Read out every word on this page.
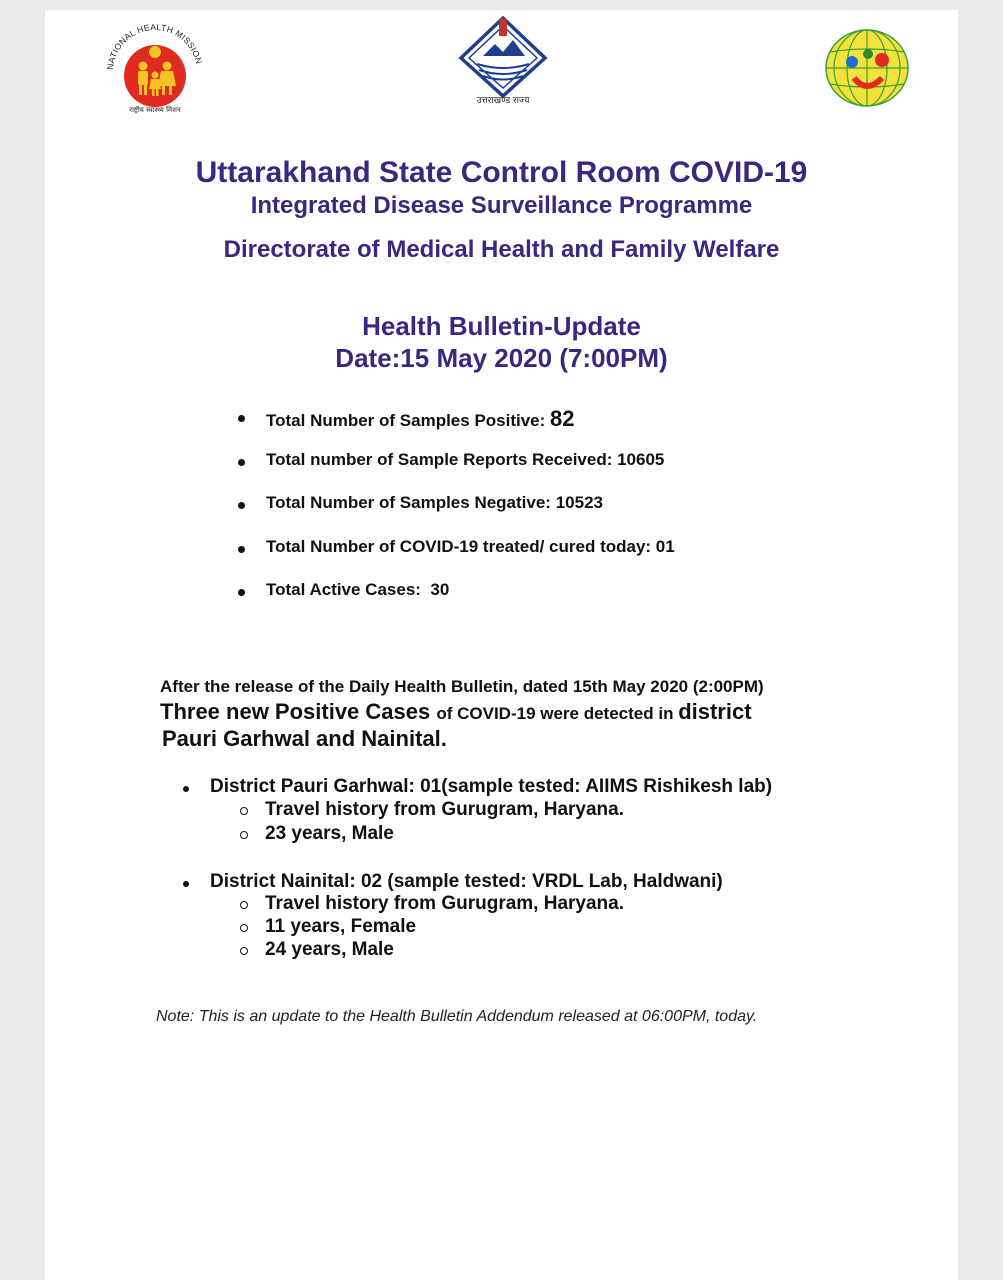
NATIONAL HEALTH MISSION
राष्ट्रीय स्वास्थ्य मिशन
उत्तराखण्ड राज्य
Uttarakhand State Control Room COVID-19
Integrated Disease Surveillance Programme
Directorate of Medical Health and Family Welfare
Health Bulletin-Update
Date:15 May 2020 (7:00PM)
Total Number of Samples Positive: 82
Total number of Sample Reports Received: 10605
Total Number of Samples Negative: 10523
Total Number of COVID-19 treated/ cured today: 01
Total Active Cases:  30
After the release of the Daily Health Bulletin, dated 15th May 2020 (2:00PM)
Three new Positive Cases of COVID-19 were detected in district
Pauri Garhwal and Nainital.

District Pauri Garhwal: 01(sample tested: AIIMS Rishikesh lab)

Travel history from Gurugram, Haryana.

23 years, Male

District Nainital: 02 (sample tested: VRDL Lab, Haldwani)

Travel history from Gurugram, Haryana.

11 years, Female

24 years, Male

Note: This is an update to the Health Bulletin Addendum released at 06:00PM, today.
